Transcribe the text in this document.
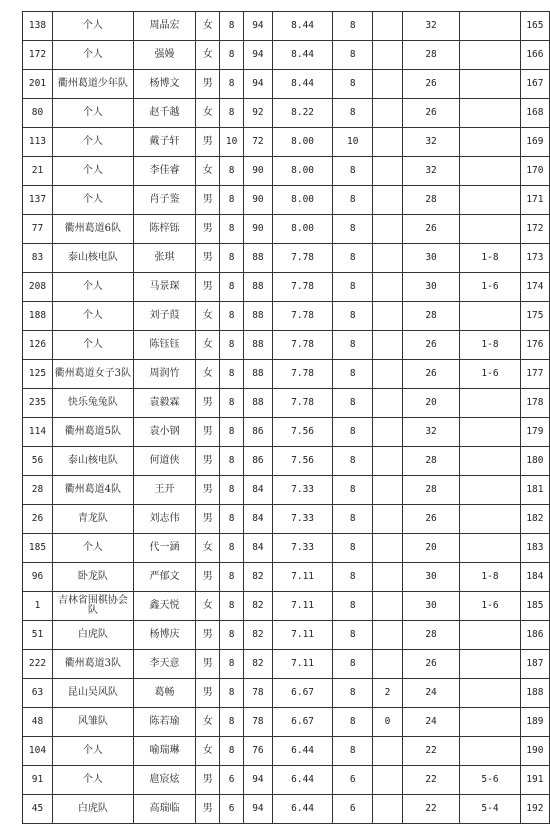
138	个人	周晶宏	女	8	94	8.44	8		32		165
172	个人	强嫚	女	8	94	8.44	8		28		166
201	衢州葛道少年队	杨博文	男	8	94	8.44	8		26		167
80	个人	赵千越	女	8	92	8.22	8		26		168
113	个人	戴子轩	男	10	72	8.00	10		32		169
21	个人	李佳睿	女	8	90	8.00	8		32		170
137	个人	肖子鉴	男	8	90	8.00	8		28		171
77	衢州葛道6队	陈梓铄	男	8	90	8.00	8		26		172
83	泰山核电队	张琪	男	8	88	7.78	8		30	1-8	173
208	个人	马景琛	男	8	88	7.78	8		30	1-6	174
188	个人	刘子葭	女	8	88	7.78	8		28		175
126	个人	陈钰钰	女	8	88	7.78	8		26	1-8	176
125	衢州葛道女子3队	周润竹	女	8	88	7.78	8		26	1-6	177
235	快乐兔兔队	袁毅霖	男	8	88	7.78	8		20		178
114	衢州葛道5队	袁小钢	男	8	86	7.56	8		32		179
56	泰山核电队	何道侠	男	8	86	7.56	8		28		180
28	衢州葛道4队	王开	男	8	84	7.33	8		28		181
26	青龙队	刘志伟	男	8	84	7.33	8		26		182
185	个人	代一涵	女	8	84	7.33	8		20		183
96	卧龙队	严郁文	男	8	82	7.11	8		30	1-8	184
1	吉林省围棋协会队	鑫天悦	女	8	82	7.11	8		30	1-6	185
51	白虎队	杨博庆	男	8	82	7.11	8		28		186
222	衢州葛道3队	李天意	男	8	82	7.11	8		26		187
63	昆山吴风队	葛畅	男	8	78	6.67	8	2	24		188
48	风雏队	陈若瑜	女	8	78	6.67	8	0	24		189
104	个人	喻瑞琳	女	8	76	6.44	8		22		190
91	个人	扈宸炫	男	6	94	6.44	6		22	5-6	191
45	白虎队	高瑞临	男	6	94	6.44	6		22	5-4	192
